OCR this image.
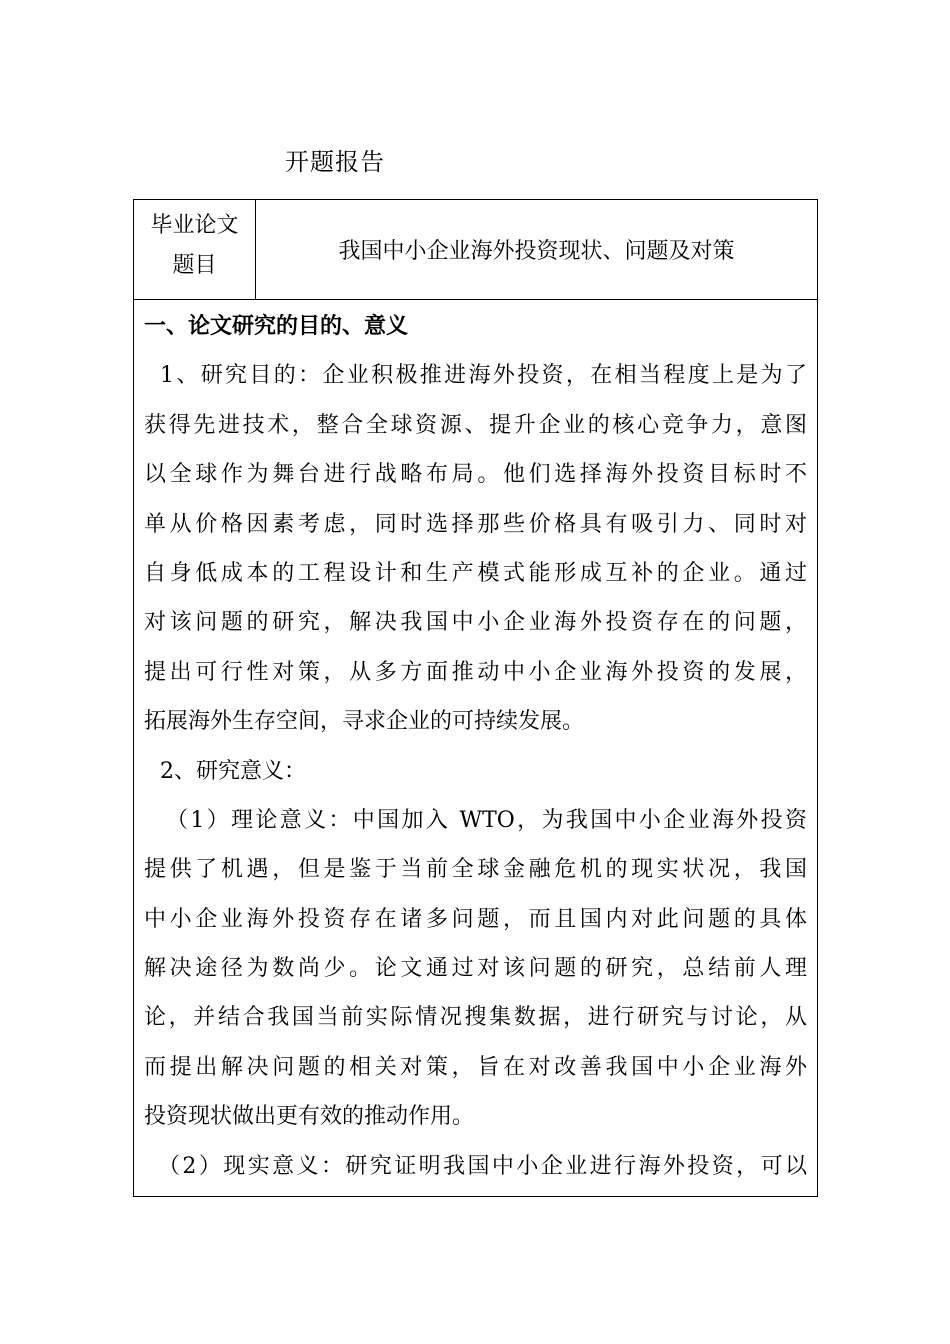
开题报告
毕业论文
题目
我国中小企业海外投资现状、问题及对策
一、论文研究的目的、意义
1、研究目的：企业积极推进海外投资，在相当程度上是为了
获得先进技术，整合全球资源、提升企业的核心竞争力，意图
以全球作为舞台进行战略布局。他们选择海外投资目标时不
单从价格因素考虑，同时选择那些价格具有吸引力、同时对
自身低成本的工程设计和生产模式能形成互补的企业。通过
对该问题的研究，解决我国中小企业海外投资存在的问题，
提出可行性对策，从多方面推动中小企业海外投资的发展，
拓展海外生存空间，寻求企业的可持续发展。
2、研究意义：
（1）理论意义：中国加入 WTO，为我国中小企业海外投资
提供了机遇，但是鉴于当前全球金融危机的现实状况，我国
中小企业海外投资存在诸多问题，而且国内对此问题的具体
解决途径为数尚少。论文通过对该问题的研究，总结前人理
论，并结合我国当前实际情况搜集数据，进行研究与讨论，从
而提出解决问题的相关对策，旨在对改善我国中小企业海外
投资现状做出更有效的推动作用。
（2）现实意义：研究证明我国中小企业进行海外投资，可以
